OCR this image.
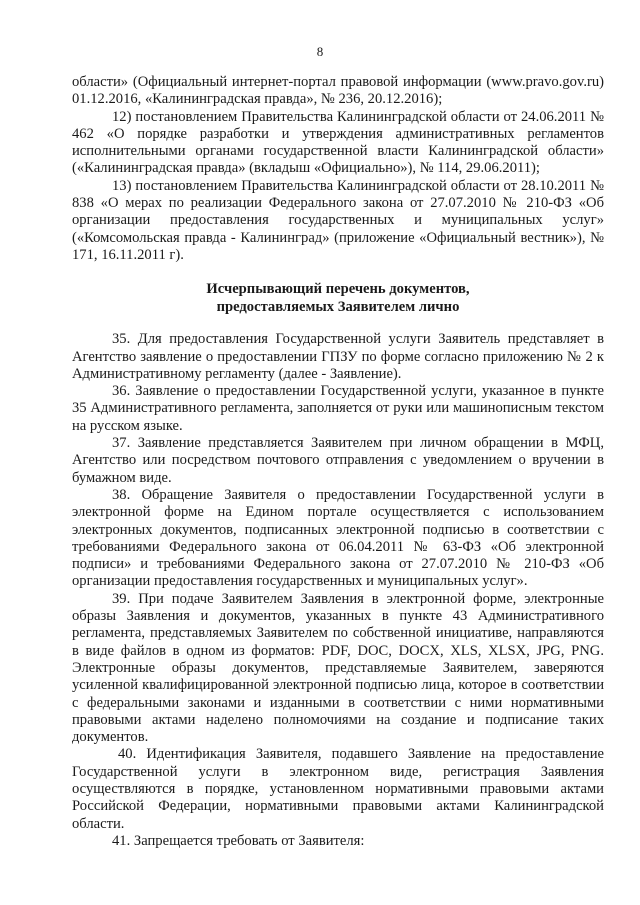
8

области» (Официальный интернет-портал правовой информации (www.pravo.gov.ru) 01.12.2016, «Калининградская правда», № 236, 20.12.2016);

12) постановлением Правительства Калининградской области от 24.06.2011 № 462 «О порядке разработки и утверждения административных регламентов исполнительными органами государственной власти Калининградской области» («Калининградская правда» (вкладыш «Официально»), № 114, 29.06.2011);

13) постановлением Правительства Калининградской области от 28.10.2011 № 838 «О мерах по реализации Федерального закона от 27.07.2010 № 210-ФЗ «Об организации предоставления государственных и муниципальных услуг» («Комсомольская правда - Калининград» (приложение «Официальный вестник»), № 171, 16.11.2011 г).

Исчерпывающий перечень документов,
предоставляемых Заявителем лично

35. Для предоставления Государственной услуги Заявитель представляет в Агентство заявление о предоставлении ГПЗУ по форме согласно приложению № 2 к Административному регламенту (далее - Заявление).

36. Заявление о предоставлении Государственной услуги, указанное в пункте 35 Административного регламента, заполняется от руки или машинописным текстом на русском языке.

37. Заявление представляется Заявителем при личном обращении в МФЦ, Агентство или посредством почтового отправления с уведомлением о вручении в бумажном виде.

38. Обращение Заявителя о предоставлении Государственной услуги в электронной форме на Едином портале осуществляется с использованием электронных документов, подписанных электронной подписью в соответствии с требованиями Федерального закона от 06.04.2011 № 63-ФЗ «Об электронной подписи» и требованиями Федерального закона от 27.07.2010 № 210-ФЗ «Об организации предоставления государственных и муниципальных услуг».

39. При подаче Заявителем Заявления в электронной форме, электронные образы Заявления и документов, указанных в пункте 43 Административного регламента, представляемых Заявителем по собственной инициативе, направляются в виде файлов в одном из форматов: PDF, DOC, DOCX, XLS, XLSX, JPG, PNG. Электронные образы документов, представляемые Заявителем, заверяются усиленной квалифицированной электронной подписью лица, которое в соответствии с федеральными законами и изданными в соответствии с ними нормативными правовыми актами наделено полномочиями на создание и подписание таких документов.

40. Идентификация Заявителя, подавшего Заявление на предоставление Государственной услуги в электронном виде, регистрация Заявления осуществляются в порядке, установленном нормативными правовыми актами Российской Федерации, нормативными правовыми актами Калининградской области.

41. Запрещается требовать от Заявителя:
